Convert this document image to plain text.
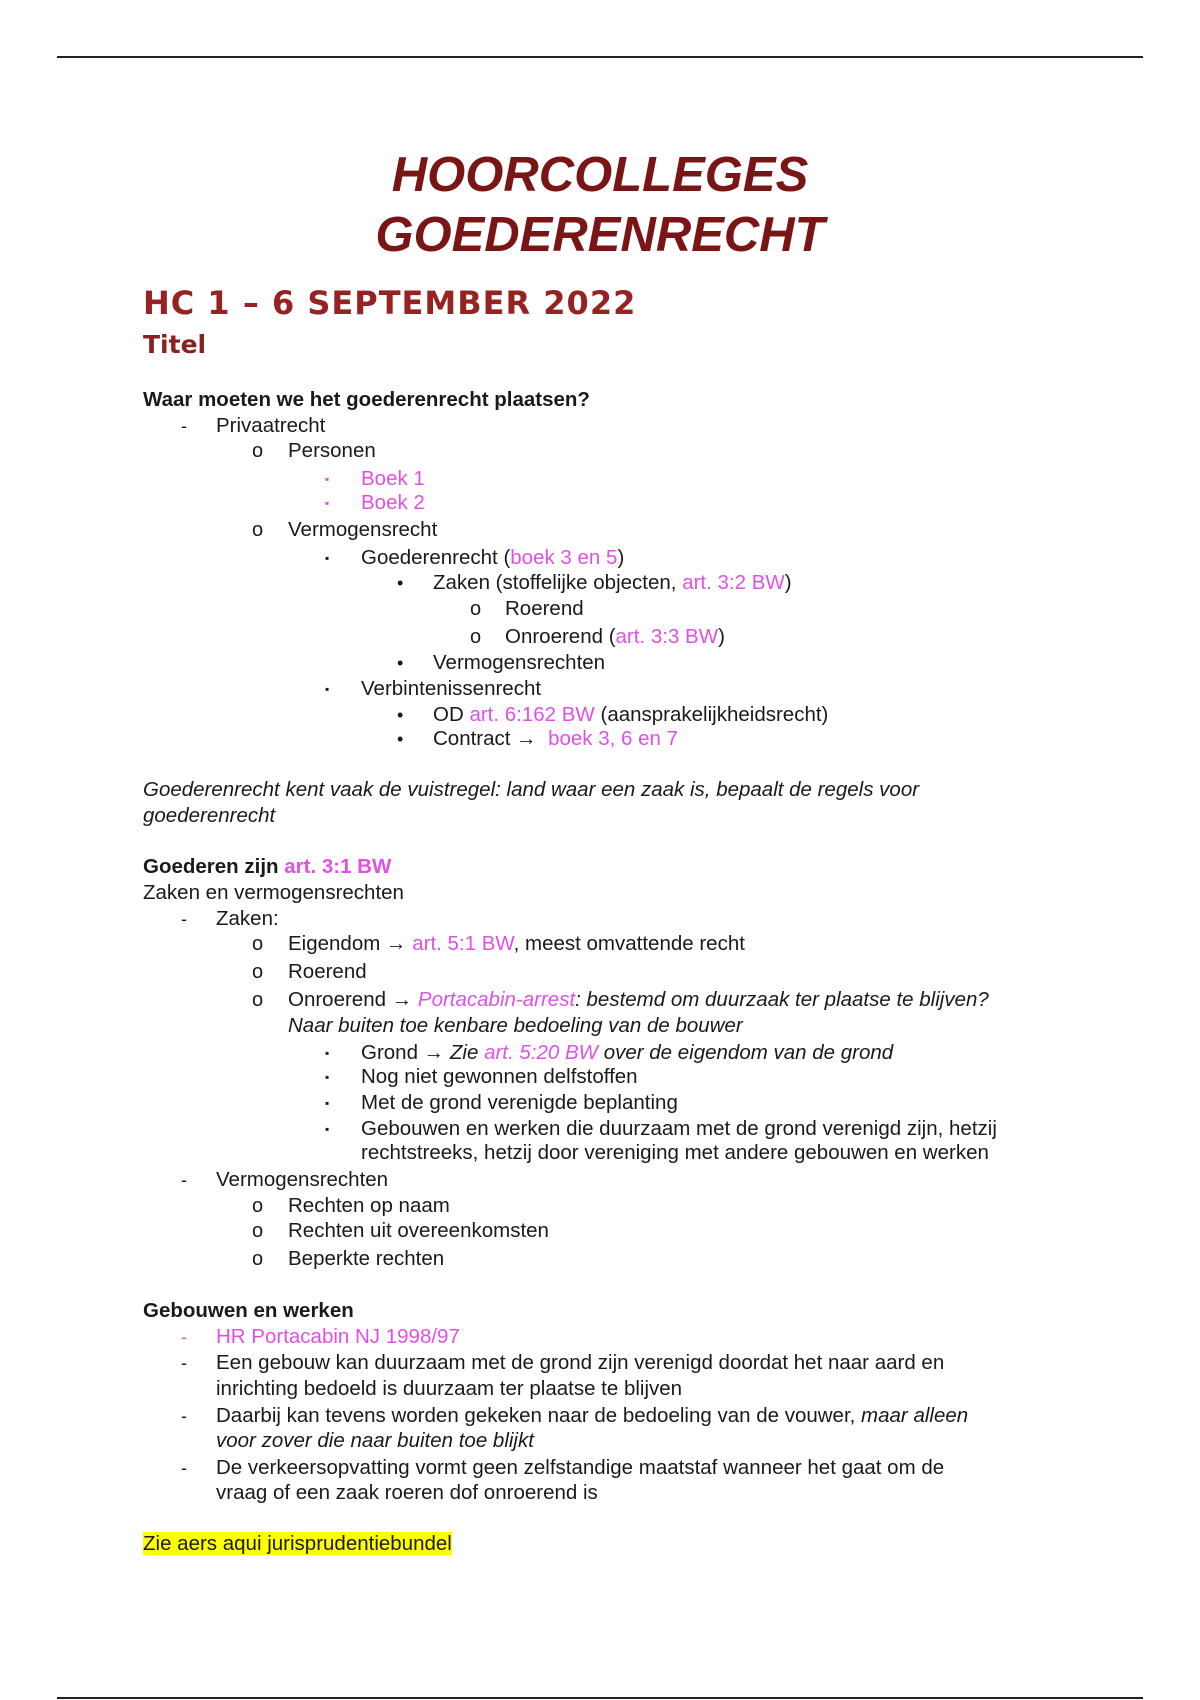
HOORCOLLEGES
GOEDERENRECHT
HC 1 – 6 SEPTEMBER 2022
Titel
Waar moeten we het goederenrecht plaatsen?
- Privaatrecht
o Personen
▪ Boek 1
▪ Boek 2
o Vermogensrecht
▪ Goederenrecht (boek 3 en 5)
• Zaken (stoffelijke objecten, art. 3:2 BW)
o Roerend
o Onroerend (art. 3:3 BW)
• Vermogensrechten
▪ Verbintenissenrecht
• OD art. 6:162 BW (aansprakelijkheidsrecht)
• Contract → boek 3, 6 en 7
Goederenrecht kent vaak de vuistregel: land waar een zaak is, bepaalt de regels voor
goederenrecht
Goederen zijn art. 3:1 BW
Zaken en vermogensrechten
- Zaken:
o Eigendom → art. 5:1 BW, meest omvattende recht
o Roerend
o Onroerend → Portacabin-arrest: bestemd om duurzaak ter plaatse te blijven?
Naar buiten toe kenbare bedoeling van de bouwer
▪ Grond → Zie art. 5:20 BW over de eigendom van de grond
▪ Nog niet gewonnen delfstoffen
▪ Met de grond verenigde beplanting
▪ Gebouwen en werken die duurzaam met de grond verenigd zijn, hetzij
rechtstreeks, hetzij door vereniging met andere gebouwen en werken
- Vermogensrechten
o Rechten op naam
o Rechten uit overeenkomsten
o Beperkte rechten
Gebouwen en werken
- HR Portacabin NJ 1998/97
- Een gebouw kan duurzaam met de grond zijn verenigd doordat het naar aard en
inrichting bedoeld is duurzaam ter plaatse te blijven
- Daarbij kan tevens worden gekeken naar de bedoeling van de vouwer, maar alleen
voor zover die naar buiten toe blijkt
- De verkeersopvatting vormt geen zelfstandige maatstaf wanneer het gaat om de
vraag of een zaak roeren dof onroerend is
Zie aers aqui jurisprudentiebundel
